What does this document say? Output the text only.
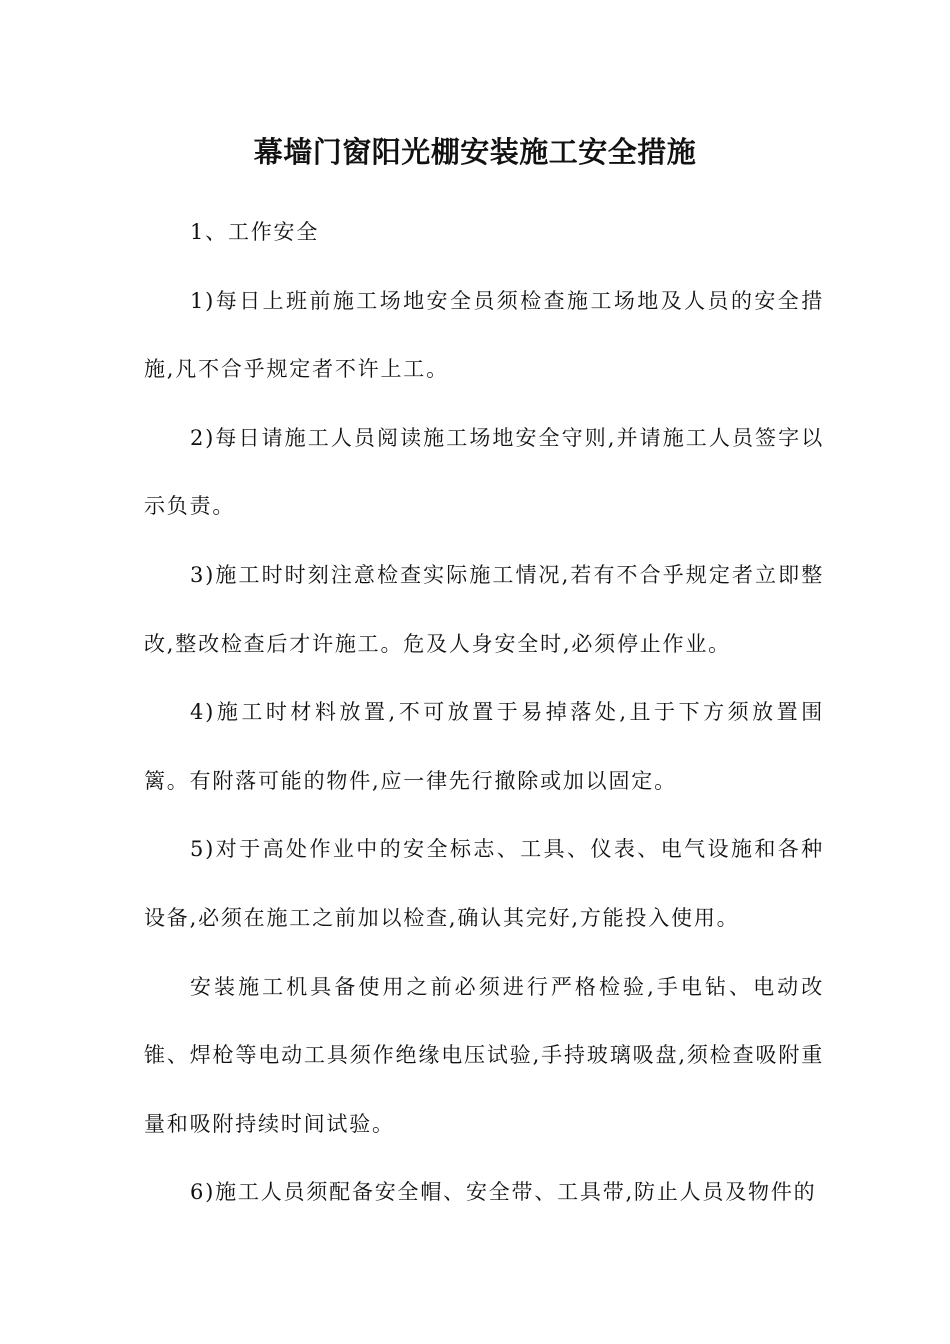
幕墙门窗阳光棚安装施工安全措施

1、工作安全

1)每日上班前施工场地安全员须检查施工场地及人员的安全措施,凡不合乎规定者不许上工。

2)每日请施工人员阅读施工场地安全守则,并请施工人员签字以示负责。

3)施工时时刻注意检查实际施工情况,若有不合乎规定者立即整改,整改检查后才许施工。危及人身安全时,必须停止作业。

4)施工时材料放置,不可放置于易掉落处,且于下方须放置围篱。有附落可能的物件,应一律先行撤除或加以固定。

5)对于高处作业中的安全标志、工具、仪表、电气设施和各种设备,必须在施工之前加以检查,确认其完好,方能投入使用。

安装施工机具备使用之前必须进行严格检验,手电钻、电动改锥、焊枪等电动工具须作绝缘电压试验,手持玻璃吸盘,须检查吸附重量和吸附持续时间试验。

6)施工人员须配备安全帽、安全带、工具带,防止人员及物件的
